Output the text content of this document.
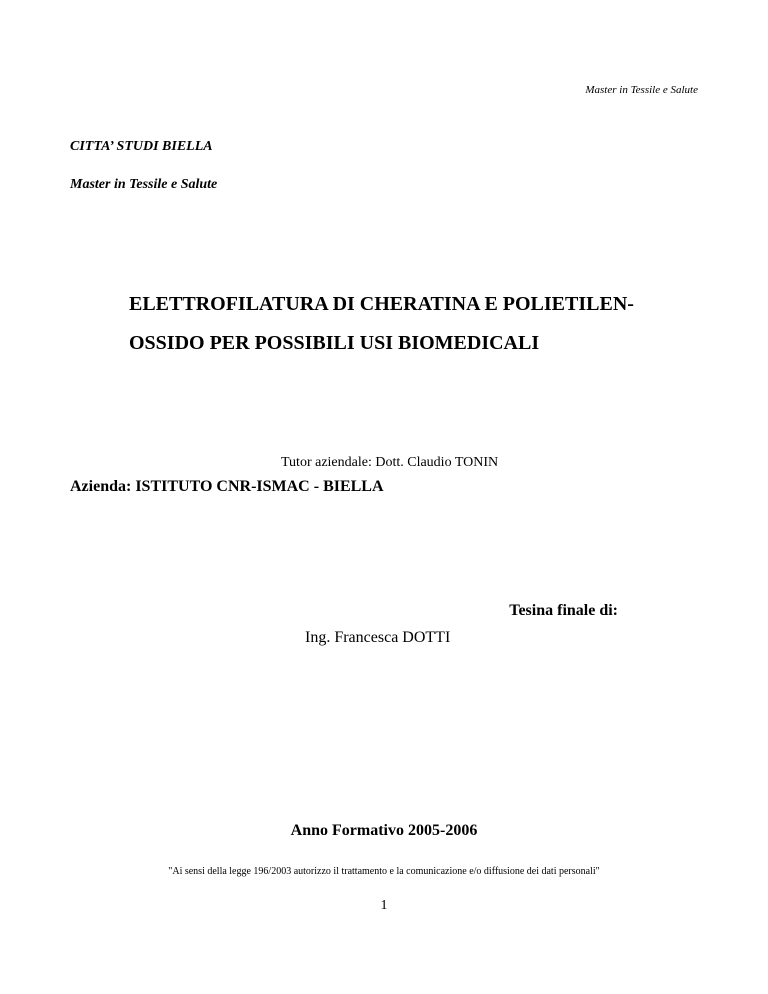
Master in Tessile e Salute
CITTA’ STUDI BIELLA
Master in Tessile e Salute
ELETTROFILATURA DI CHERATINA E POLIETILEN-
OSSIDO PER POSSIBILI USI BIOMEDICALI
Tutor aziendale: Dott. Claudio TONIN
Azienda: ISTITUTO CNR-ISMAC - BIELLA
Tesina finale di:
Ing. Francesca DOTTI
Anno Formativo 2005-2006
"Ai sensi della legge 196/2003 autorizzo il trattamento e la comunicazione e/o diffusione dei dati personali"
1
